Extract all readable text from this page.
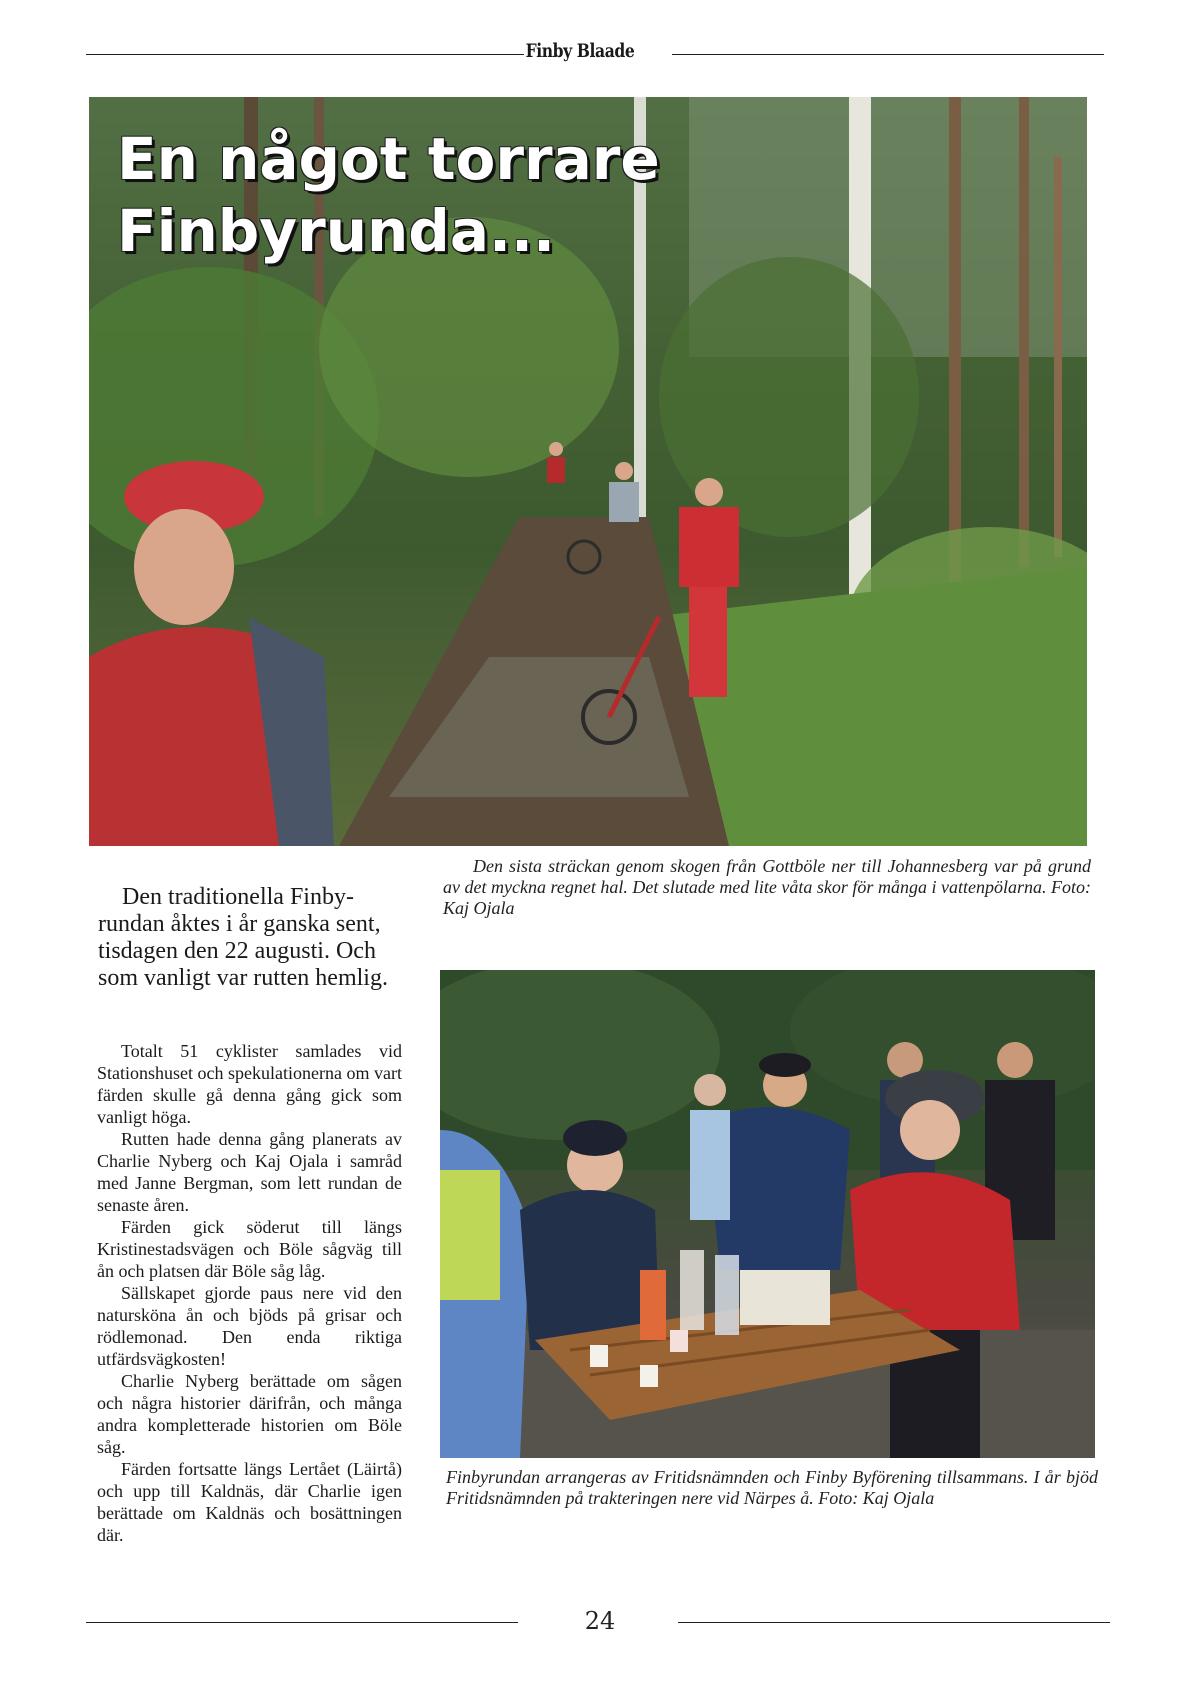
Finby Blaade
En något torrare
Finbyrunda...
Den sista sträckan genom skogen från Gottböle ner till Johannesberg var på grund av det myckna regnet hal. Det slutade med lite våta skor för många i vattenpölarna. Foto: Kaj Ojala

Den traditionella Finby-rundan åktes i år ganska sent, tisdagen den 22 augusti. Och som vanligt var rutten hemlig.

Totalt 51 cyklister samlades vid Stationshuset och spekulationerna om vart färden skulle gå denna gång gick som vanligt höga.

Rutten hade denna gång planerats av Charlie Nyberg och Kaj Ojala i samråd med Janne Bergman, som lett rundan de senaste åren.

Färden gick söderut till längs Kristinestadsvägen och Böle sågväg till ån och platsen där Böle såg låg.

Sällskapet gjorde paus nere vid den natursköna ån och bjöds på grisar och rödlemonad. Den enda riktiga utfärdsvägkosten!

Charlie Nyberg berättade om sågen och några historier därifrån, och många andra kompletterade historien om Böle såg.

Färden fortsatte längs Lertået (Läirtå) och upp till Kaldnäs, där Charlie igen berättade om Kaldnäs och bosättningen där.

Finbyrundan arrangeras av Fritidsnämnden och Finby Byförening tillsammans. I år bjöd Fritidsnämnden på trakteringen nere vid Närpes å. Foto: Kaj Ojala
24
